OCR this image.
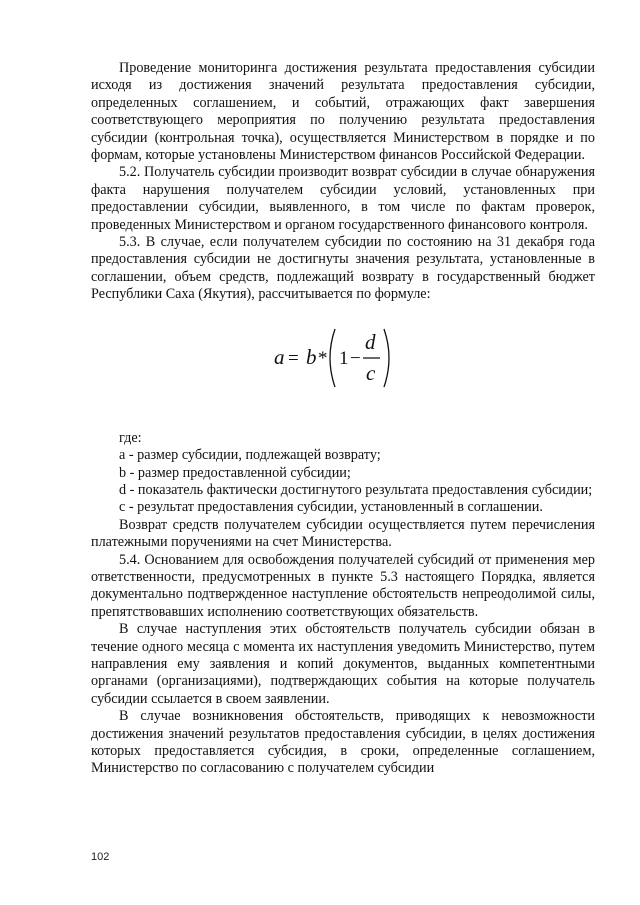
Проведение мониторинга достижения результата предоставления субсидии исходя из достижения значений результата предоставления субсидии, определенных соглашением, и событий, отражающих факт завершения соответствующего мероприятия по получению результата предоставления субсидии (контрольная точка), осуществляется Министерством в порядке и по формам, которые установлены Министерством финансов Российской Федерации.

5.2. Получатель субсидии производит возврат субсидии в случае обнаружения факта нарушения получателем субсидии условий, установленных при предоставлении субсидии, выявленного, в том числе по фактам проверок, проведенных Министерством и органом государственного финансового контроля.

5.3. В случае, если получателем субсидии по состоянию на 31 декабря года предоставления субсидии не достигнуты значения результата, установленные в соглашении, объем средств, подлежащий возврату в государственный бюджет Республики Саха (Якутия), рассчитывается по формуле:

a = b * 1 −
d
c

где:

а - размер субсидии, подлежащей возврату;

b - размер предоставленной субсидии;

d - показатель фактически достигнутого результата предоставления субсидии;

с - результат предоставления субсидии, установленный в соглашении.

Возврат средств получателем субсидии осуществляется путем перечисления платежными поручениями на счет Министерства.

5.4. Основанием для освобождения получателей субсидий от применения мер ответственности, предусмотренных в пункте 5.3 настоящего Порядка, является документально подтвержденное наступление обстоятельств непреодолимой силы, препятствовавших исполнению соответствующих обязательств.

В случае наступления этих обстоятельств получатель субсидии обязан в течение одного месяца с момента их наступления уведомить Министерство, путем направления ему заявления и копий документов, выданных компетентными органами (организациями), подтверждающих события на которые получатель субсидии ссылается в своем заявлении.

В случае возникновения обстоятельств, приводящих к невозможности достижения значений результатов предоставления субсидии, в целях достижения которых предоставляется субсидия, в сроки, определенные соглашением, Министерство по согласованию с получателем субсидии

102
